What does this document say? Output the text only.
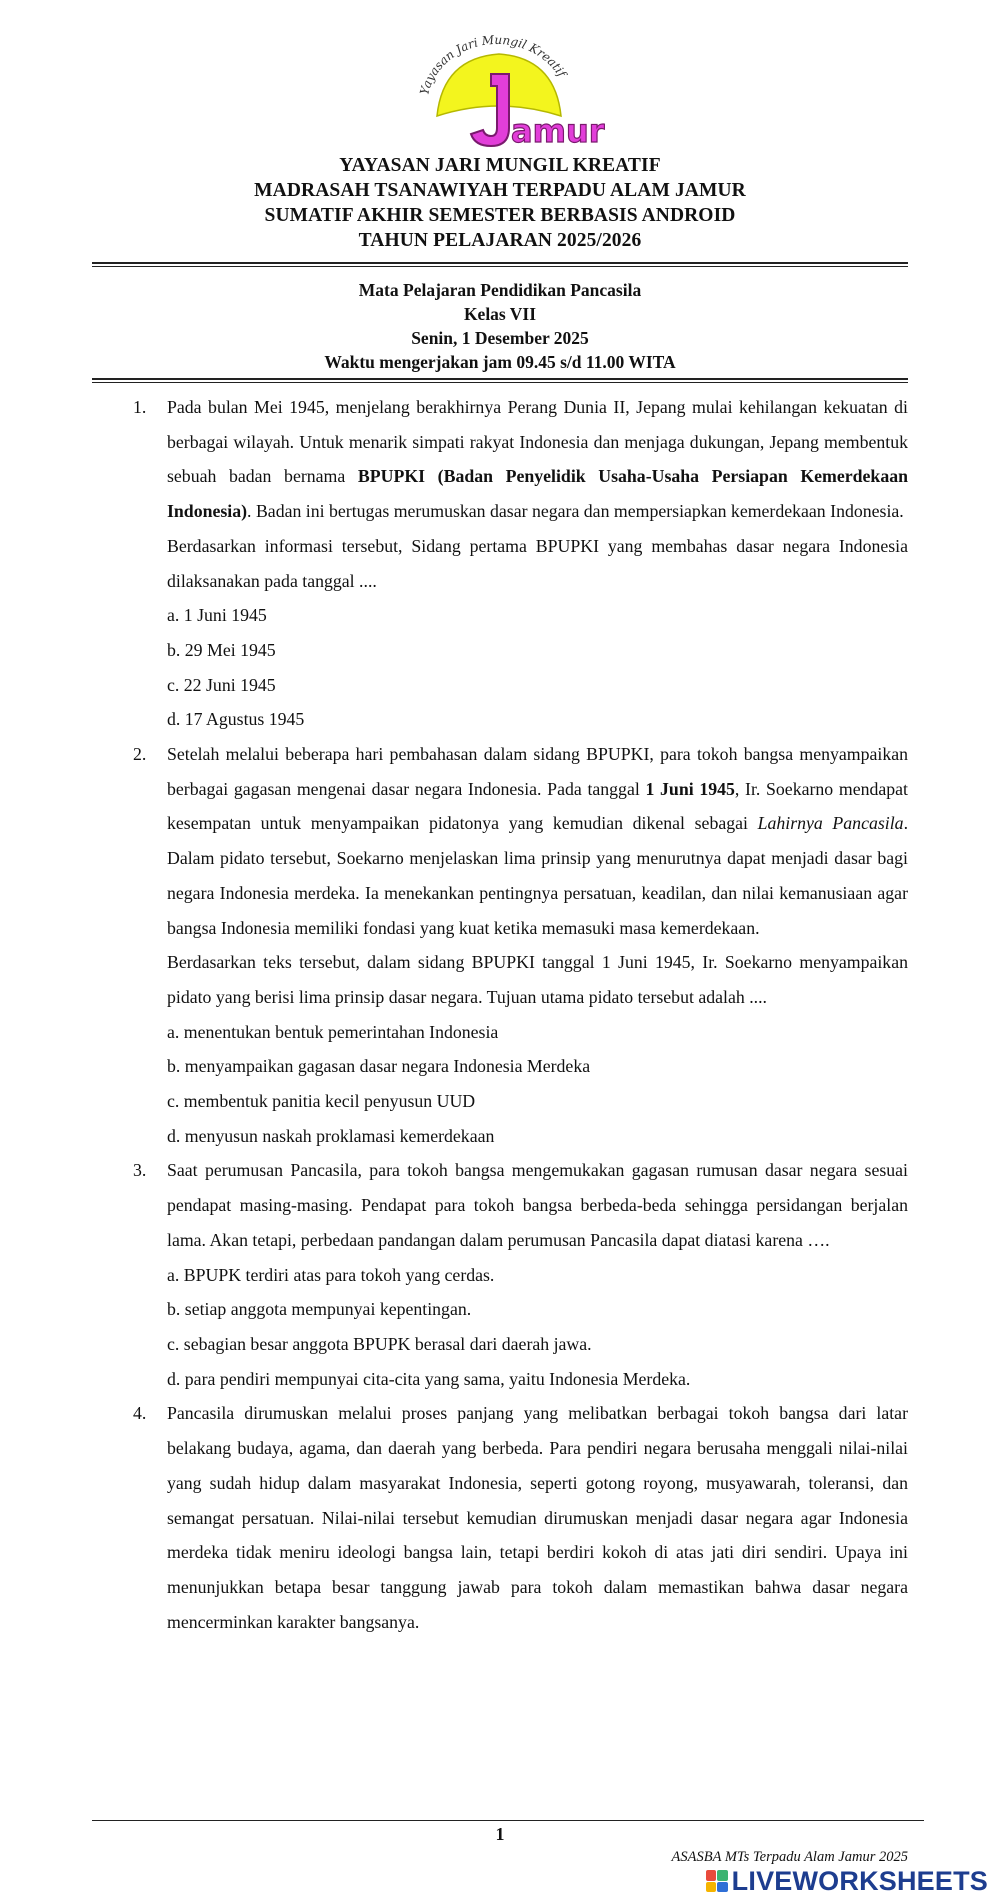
Yayasan Jari Mungil Kreatif
amur
YAYASAN JARI MUNGIL KREATIF
MADRASAH TSANAWIYAH TERPADU ALAM JAMUR
SUMATIF AKHIR SEMESTER BERBASIS ANDROID
TAHUN PELAJARAN 2025/2026
Mata Pelajaran Pendidikan Pancasila
Kelas VII
Senin, 1 Desember 2025
Waktu mengerjakan jam 09.45 s/d 11.00 WITA
1. Pada bulan Mei 1945, menjelang berakhirnya Perang Dunia II, Jepang mulai kehilangan kekuatan di berbagai wilayah. Untuk menarik simpati rakyat Indonesia dan menjaga dukungan, Jepang membentuk sebuah badan bernama BPUPKI (Badan Penyelidik Usaha-Usaha Persiapan Kemerdekaan Indonesia). Badan ini bertugas merumuskan dasar negara dan mempersiapkan kemerdekaan Indonesia.

Berdasarkan informasi tersebut, Sidang pertama BPUPKI yang membahas dasar negara Indonesia dilaksanakan pada tanggal ....

a. 1 Juni 1945

b. 29 Mei 1945

c. 22 Juni 1945

d. 17 Agustus 1945

2. Setelah melalui beberapa hari pembahasan dalam sidang BPUPKI, para tokoh bangsa menyampaikan berbagai gagasan mengenai dasar negara Indonesia. Pada tanggal 1 Juni 1945, Ir. Soekarno mendapat kesempatan untuk menyampaikan pidatonya yang kemudian dikenal sebagai Lahirnya Pancasila. Dalam pidato tersebut, Soekarno menjelaskan lima prinsip yang menurutnya dapat menjadi dasar bagi negara Indonesia merdeka. Ia menekankan pentingnya persatuan, keadilan, dan nilai kemanusiaan agar bangsa Indonesia memiliki fondasi yang kuat ketika memasuki masa kemerdekaan.

Berdasarkan teks tersebut, dalam sidang BPUPKI tanggal 1 Juni 1945, Ir. Soekarno menyampaikan pidato yang berisi lima prinsip dasar negara. Tujuan utama pidato tersebut adalah ....

a. menentukan bentuk pemerintahan Indonesia

b. menyampaikan gagasan dasar negara Indonesia Merdeka

c. membentuk panitia kecil penyusun UUD

d. menyusun naskah proklamasi kemerdekaan

3. Saat perumusan Pancasila, para tokoh bangsa mengemukakan gagasan rumusan dasar negara sesuai pendapat masing-masing. Pendapat para tokoh bangsa berbeda-beda sehingga persidangan berjalan lama. Akan tetapi, perbedaan pandangan dalam perumusan Pancasila dapat diatasi karena ….

a. BPUPK terdiri atas para tokoh yang cerdas.

b. setiap anggota mempunyai kepentingan.

c. sebagian besar anggota BPUPK berasal dari daerah jawa.

d. para pendiri mempunyai cita-cita yang sama, yaitu Indonesia Merdeka.

4. Pancasila dirumuskan melalui proses panjang yang melibatkan berbagai tokoh bangsa dari latar belakang budaya, agama, dan daerah yang berbeda. Para pendiri negara berusaha menggali nilai-nilai yang sudah hidup dalam masyarakat Indonesia, seperti gotong royong, musyawarah, toleransi, dan semangat persatuan. Nilai-nilai tersebut kemudian dirumuskan menjadi dasar negara agar Indonesia merdeka tidak meniru ideologi bangsa lain, tetapi berdiri kokoh di atas jati diri sendiri. Upaya ini menunjukkan betapa besar tanggung jawab para tokoh dalam memastikan bahwa dasar negara mencerminkan karakter bangsanya.

1
ASASBA MTs Terpadu Alam Jamur 2025
LIVEWORKSHEETS
